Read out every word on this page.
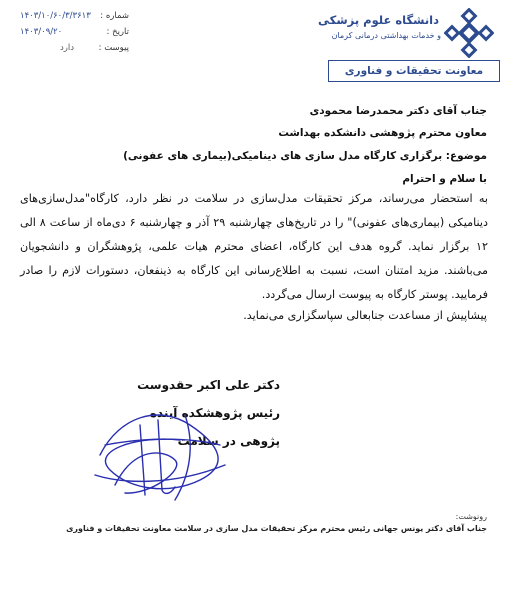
دانشگاه علوم پزشکی
و خدمات بهداشتی درمانی کرمان
شماره :
۱۴۰۳/۱۰/۶۰/۳/۳۶۱۳
تاریخ :
۱۴۰۳/۰۹/۲۰
پیوست :
دارد
معاونت تحقیقات و فناوری
جناب آقای دکتر محمدرضا محمودی
معاون محترم پژوهشی دانشکده بهداشت
موضوع: برگزاری کارگاه مدل سازی های دینامیکی(بیماری های عفونی)
با سلام و احترام

به استحضار می‌رساند، مرکز تحقیقات مدل‌سازی در سلامت در نظر دارد، کارگاه"مدل‌سازی‌های دینامیکی (بیماری‌های عفونی)" را در تاریخ‌های چهارشنبه ۲۹ آذر و چهارشنبه ۶ دی‌ماه از ساعت ۸ الی ۱۲ برگزار نماید. گروه هدف این کارگاه، اعضای محترم هیات علمی، پژوهشگران و دانشجویان می‌باشند. مزید امتنان است، نسبت به اطلاع‌رسانی این کارگاه به ذینفعان، دستورات لازم را صادر فرمایید. پوستر کارگاه به پیوست ارسال می‌گردد.

پیشاپیش از مساعدت جنابعالی سپاسگزاری می‌نماید.
دکتر علی اکبر حقدوست
رئیس پژوهشکده آینده
پژوهی در سلامت
رونوشت:
جناب آقای دکتر یونس جهانی رئیس محترم مرکز تحقیقات مدل سازی در سلامت معاونت تحقیقات و فناوری
